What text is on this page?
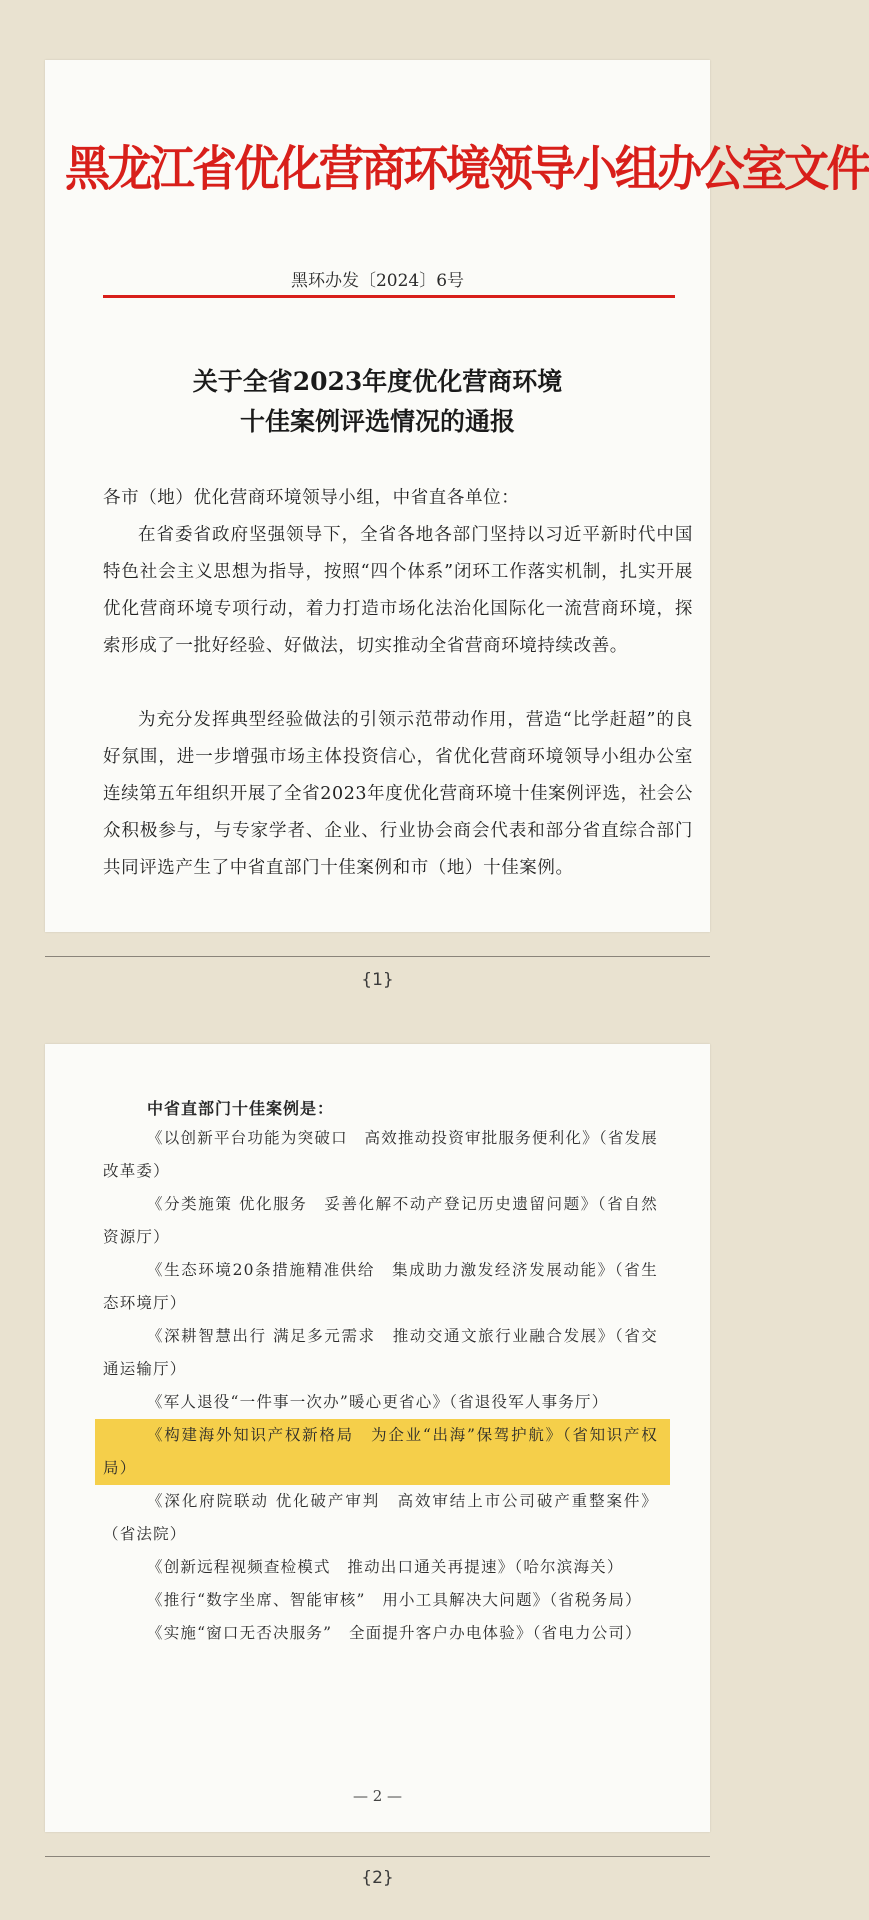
黑龙江省优化营商环境领导小组办公室文件
黑环办发〔2024〕6号
关于全省2023年度优化营商环境
十佳案例评选情况的通报
各市（地）优化营商环境领导小组，中省直各单位：
在省委省政府坚强领导下，全省各地各部门坚持以习近平新时代中国特色社会主义思想为指导，按照“四个体系”闭环工作落实机制，扎实开展优化营商环境专项行动，着力打造市场化法治化国际化一流营商环境，探索形成了一批好经验、好做法，切实推动全省营商环境持续改善。
为充分发挥典型经验做法的引领示范带动作用，营造“比学赶超”的良好氛围，进一步增强市场主体投资信心，省优化营商环境领导小组办公室连续第五年组织开展了全省2023年度优化营商环境十佳案例评选，社会公众积极参与，与专家学者、企业、行业协会商会代表和部分省直综合部门共同评选产生了中省直部门十佳案例和市（地）十佳案例。
{1}
中省直部门十佳案例是：

《以创新平台功能为突破口　高效推动投资审批服务便利化》（省发展改革委）

《分类施策 优化服务　妥善化解不动产登记历史遗留问题》（省自然资源厅）

《生态环境20条措施精准供给　集成助力激发经济发展动能》（省生态环境厅）

《深耕智慧出行 满足多元需求　推动交通文旅行业融合发展》（省交通运输厅）

《军人退役“一件事一次办”暖心更省心》（省退役军人事务厅）

《构建海外知识产权新格局　为企业“出海”保驾护航》（省知识产权局）

《深化府院联动 优化破产审判　高效审结上市公司破产重整案件》（省法院）

《创新远程视频查检模式　推动出口通关再提速》（哈尔滨海关）

《推行“数字坐席、智能审核”　用小工具解决大问题》（省税务局）

《实施“窗口无否决服务”　全面提升客户办电体验》（省电力公司）

— 2 —
{2}
